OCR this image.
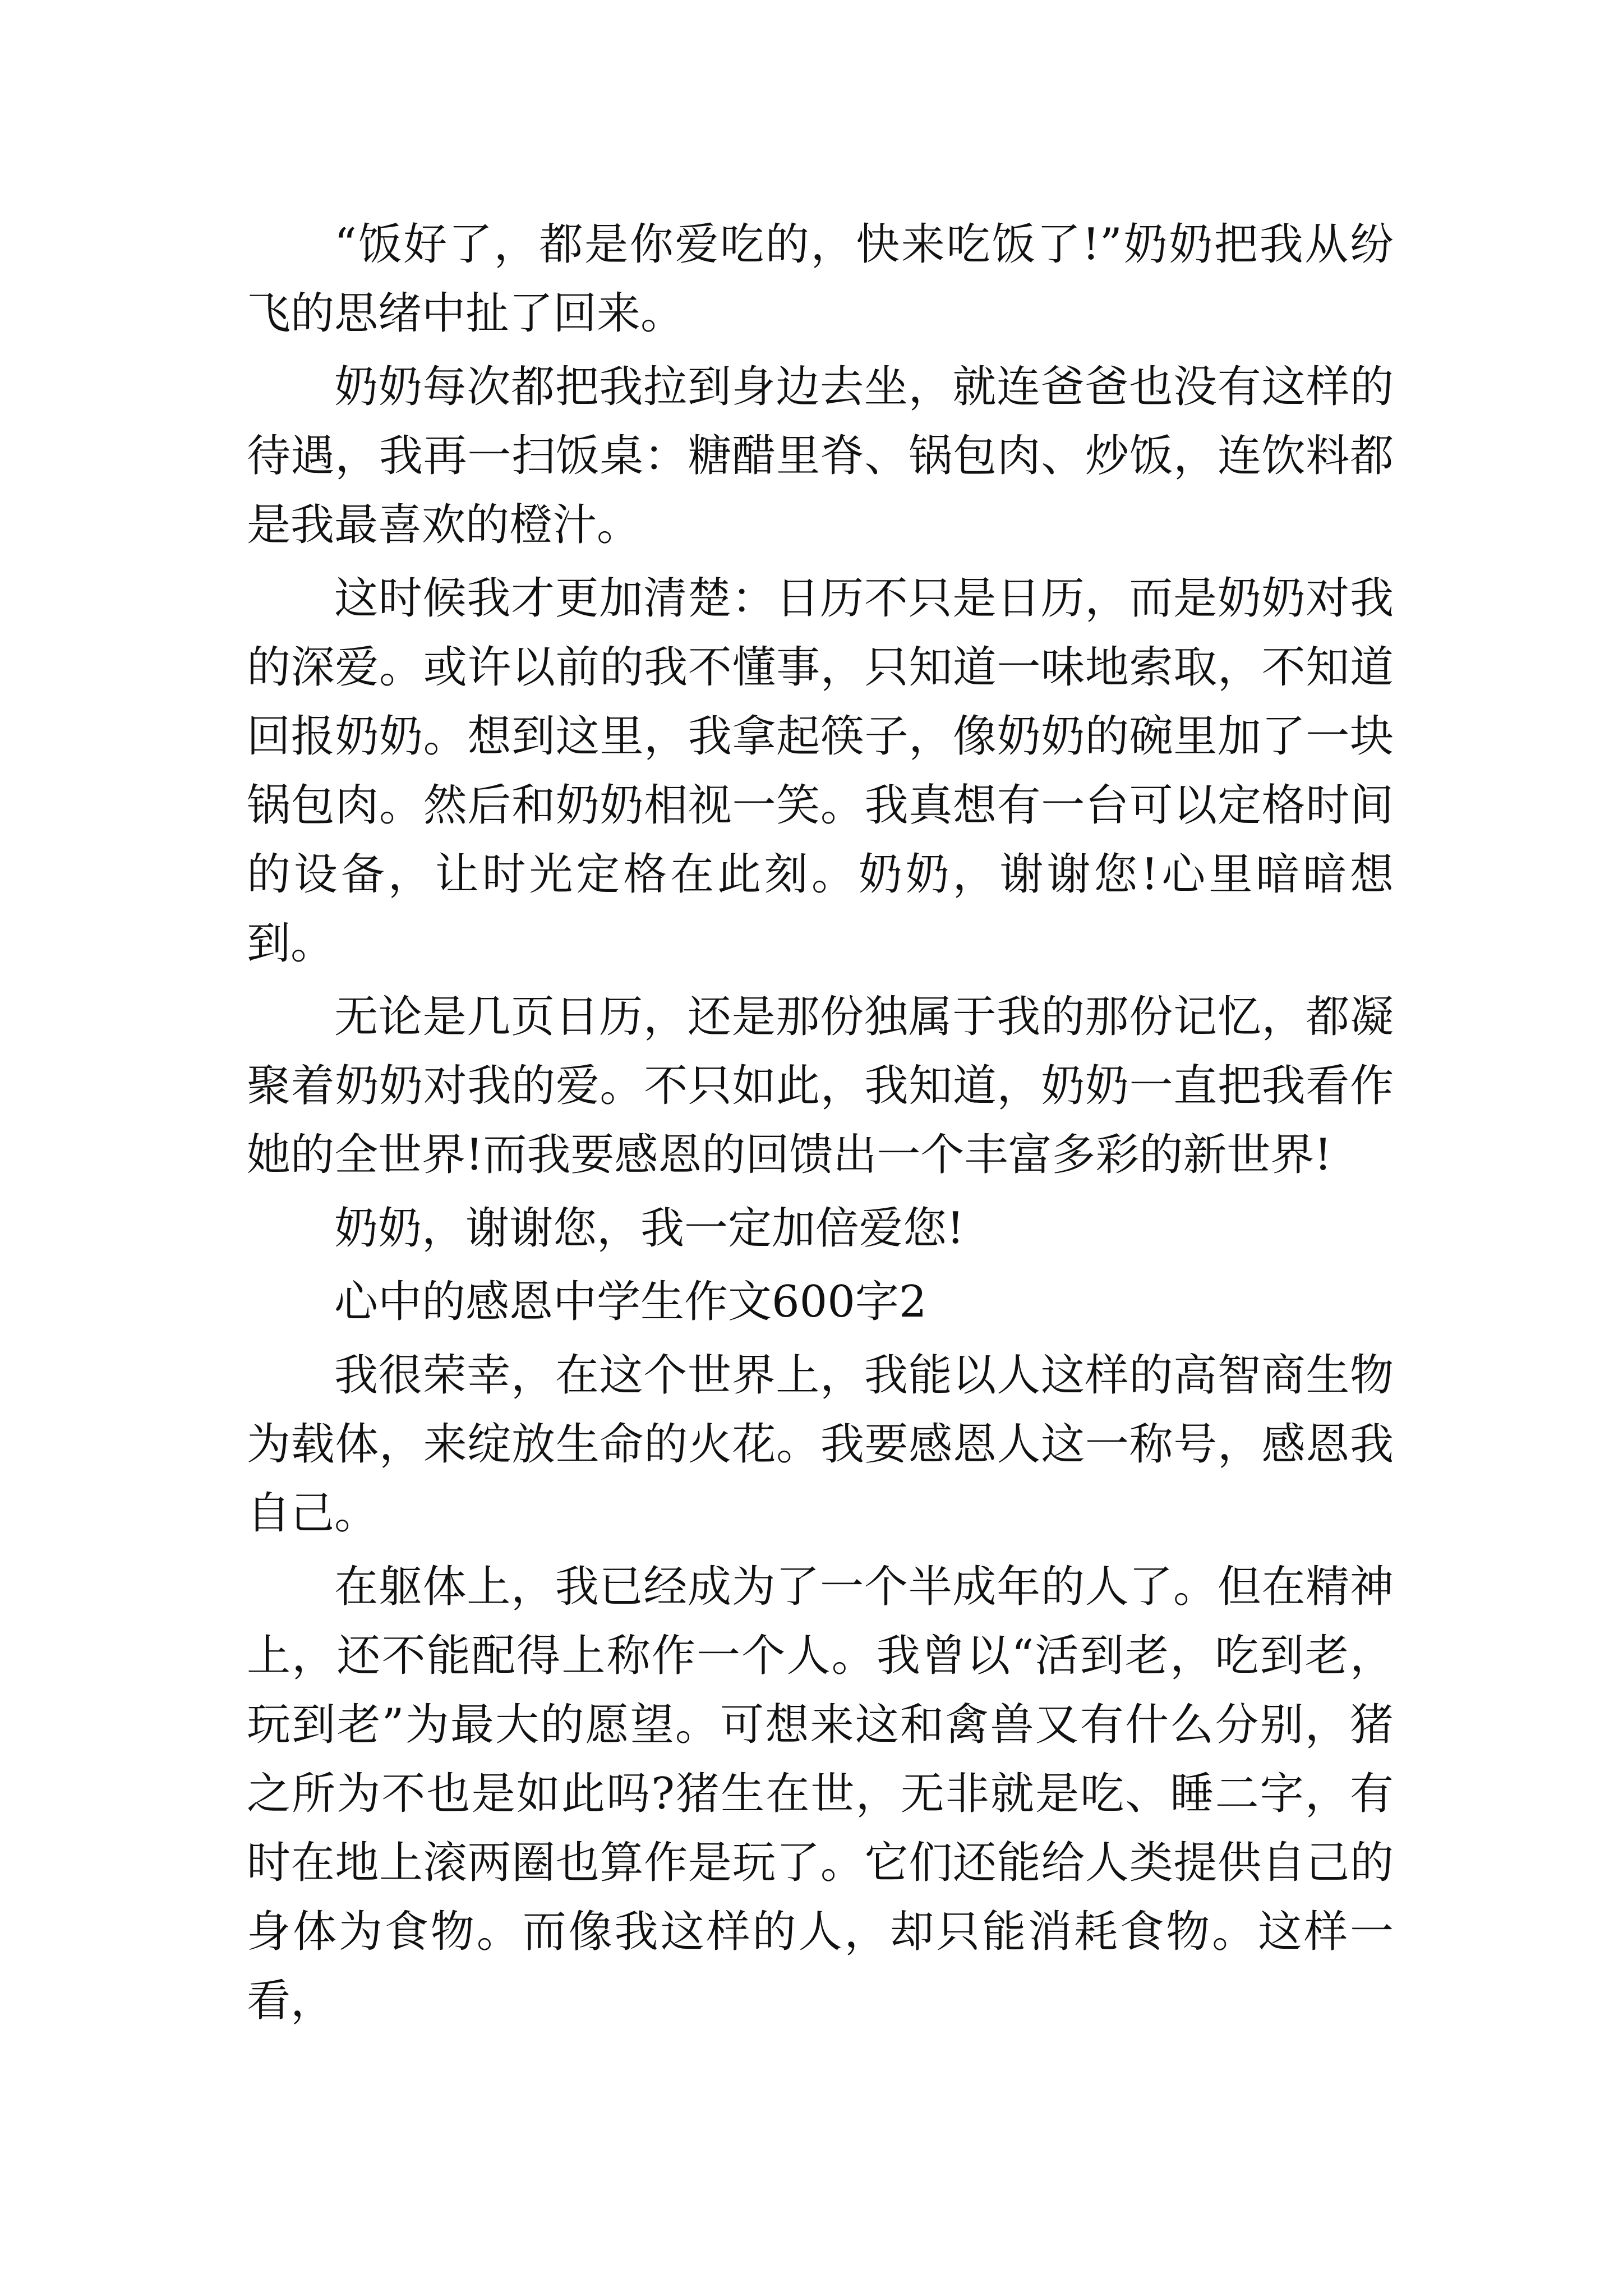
“饭好了，都是你爱吃的，快来吃饭了!”奶奶把我从纷飞的思绪中扯了回来。

奶奶每次都把我拉到身边去坐，就连爸爸也没有这样的待遇，我再一扫饭桌：糖醋里脊、锅包肉、炒饭，连饮料都是我最喜欢的橙汁。

这时候我才更加清楚：日历不只是日历，而是奶奶对我的深爱。或许以前的我不懂事，只知道一味地索取，不知道回报奶奶。想到这里，我拿起筷子，像奶奶的碗里加了一块锅包肉。然后和奶奶相视一笑。我真想有一台可以定格时间的设备，让时光定格在此刻。奶奶，谢谢您!心里暗暗想到。

无论是几页日历，还是那份独属于我的那份记忆，都凝聚着奶奶对我的爱。不只如此，我知道，奶奶一直把我看作她的全世界!而我要感恩的回馈出一个丰富多彩的新世界!

奶奶，谢谢您，我一定加倍爱您!

心中的感恩中学生作文600字2

我很荣幸，在这个世界上，我能以人这样的高智商生物为载体，来绽放生命的火花。我要感恩人这一称号，感恩我自己。

在躯体上，我已经成为了一个半成年的人了。但在精神上，还不能配得上称作一个人。我曾以“活到老，吃到老，玩到老”为最大的愿望。可想来这和禽兽又有什么分别，猪之所为不也是如此吗?猪生在世，无非就是吃、睡二字，有时在地上滚两圈也算作是玩了。它们还能给人类提供自己的身体为食物。而像我这样的人，却只能消耗食物。这样一看，
